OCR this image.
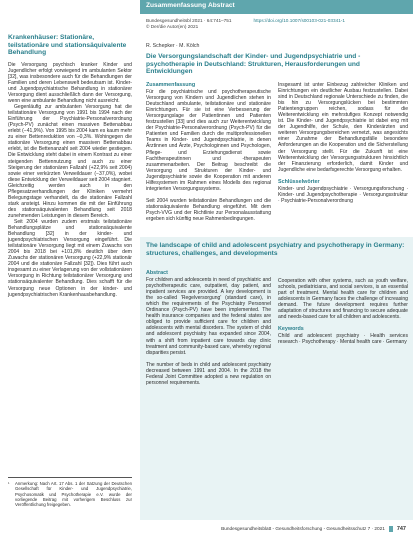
Krankenhäuser: Stationäre, teilstationäre und stationsäquivalente Behandlung

Die Versorgung psychisch kranker Kinder und Jugendlicher erfolgt vorwiegend im ambulanten Sektor [32], was insbesondere auch für die Behandlungen der Familien und deren Lebenswelt bedeutsam ist. Kinder- und Jugendpsychiatrische Behandlung in stationärer Versorgung dient ausschließlich dann der Versorgung, wenn eine ambulante Behandlung nicht ausreicht.

Gegenläufig zur ambulanten Versorgung hat die teilstationäre Versorgung von 1991 bis 1994 nach der Einführung der Psychiatrie-Personalverordnung (Psych-PV) zunächst einen massiven Bettenabbau erlebt (−41,9%). Von 1995 bis 2004 kam es kaum mehr zu einer Bettenreduktion von –0,3%. Wohingegen die stationäre Versorgung einen massiven Bettenabbau erlebt, ist die Bettenanzahl seit 2004 wieder gestiegen. Die Entwicklung steht dabei in einem Kontrast zu einer steigenden Bettennutzung und auch zu einer Steigerung der stationären Fallzahl (+22,9% seit 2004) sowie einer verkürzten Verweildauer (−37,0%), wobei diese Entwicklung der Verweildauer seit 2004 stagniert. Gleichzeitig werden auch in den Pflegesatzverhandlungen der Kliniken vermehrt Belegungstage verhandelt, da die stationäre Fallzahl stark ansteigt. Hinzu kommen die mit der Einführung des stationsäquivalenten Behandlung seit 2018 zunehmenden Leistungen in diesem Bereich.

Seit 2004 wurden zudem erstmals teilstationäre Behandlungsplätze und stationsäquivalente Behandlung [32] in der kinder- und jugendpsychiatrischen Versorgung eingeführt. Die teilstationäre Versorgung liegt mit einem Zuwachs von 2004 bis 2018 bei +101,8% deutlich über dem Zuwachs der stationären Versorgung (+22,9% stationär 2004 und die stationäre Fallzahl [32]). Dies führt auch insgesamt zu einer Verlagerung von der vollstationären Versorgung in Richtung teilstationärer Versorgung und stationsäquivalenter Behandlung. Dies schafft für die Versorgung neue Optionen in der kinder- und jugendpsychiatrischen Krankenhausbehandlung.

¹	Anmerkung: Nach Art. 17 Abs. 1 der Satzung der Deutschen Gesellschaft für Kinder- und Jugendpsychiatrie, Psychosomatik und Psychotherapie e.V. wurde der vorliegende Beitrag mit vorherigem Beschluss zur Veröffentlichung freigegeben.
Zusammenfassung Abstract
Bundesgesundheitsbl 2021 · 64:741–751	https://doi.org/10.1007/s00103-021-03341-1
© Der/die Autor(en) 2021
R. Schepker · M. Kölch
Die Versorgungslandschaft der Kinder- und Jugendpsychiatrie und -psychotherapie in Deutschland: Strukturen, Herausforderungen und Entwicklungen
Zusammenfassung

Für die psychiatrische und psychotherapeutische Versorgung von Kindern und Jugendlichen stehen in Deutschland ambulante, teilstationäre und stationäre Einrichtungen. Für sie ist eine Verbesserung der Versorgungslage der Patientinnen und Patienten festzustellen [33] und dies auch zur Weiterentwicklung der Psychiatrie-Personalverordnung (Psych-PV) für die Patienten und Familien durch die multiprofessionellen Teams in Kinder- und Jugendpsychiatrie, in denen Ärztinnen und Ärzte, Psychologinnen und Psychologen, Pflege- und Erziehungsdienst sowie Fachtherapeutinnen und -therapeuten zusammenarbeiten. Der Beitrag beschreibt die Versorgung und Strukturen der Kinder- und Jugendpsychiatrie sowie die Kooperation mit anderen Hilfesystemen im Rahmen eines Modells des regional integrierten Versorgungssystems.

Seit 2004 wurden teilstationäre Behandlungen und die stationsäquivalente Behandlung eingeführt. Mit dem Psych-VVG und der Richtlinie zur Personalausstattung ergeben sich künftig neue Rahmenbedingungen.

Insgesamt ist unter Einbezug zahlreicher Kliniken und Einrichtungen ein deutlicher Ausbau festzustellen. Dabei sind in Deutschland regionale Unterschiede zu finden, die bis hin zu Versorgungslücken bei bestimmten Patientengruppen reichen, sodass für die Weiterentwicklung ein mehrstufiges Konzept notwendig ist. Die Kinder- und Jugendpsychiatrie ist dabei eng mit der Jugendhilfe, der Schule, den Kinderärzten und weiteren Versorgungsbereichen vernetzt, was angesichts einer Zunahme der Behandlungsfälle besondere Anforderungen an die Kooperation und die Sicherstellung der Versorgung stellt. Für die Zukunft ist eine Weiterentwicklung der Versorgungsstrukturen hinsichtlich der Finanzierung erforderlich, damit Kinder und Jugendliche eine bedarfsgerechte Versorgung erhalten.

Schlüsselwörter

Kinder- und Jugendpsychiatrie · Versorgungsforschung · Kinder- und Jugendpsychotherapie · Versorgungsstruktur · Psychiatrie-Personalverordnung

The landscape of child and adolescent psychiatry and psychotherapy in Germany: structures, challenges, and developments
Abstract

For children and adolescents in need of psychiatric and psychotherapeutic care, outpatient, day patient, and inpatient services are provided. A key development is the so-called 'Regelversorgung' (standard care), in which the requirements of the Psychiatry Personnel Ordinance (Psych-PV) have been implemented. The health insurance companies and the federal states are obliged to provide sufficient care for children and adolescents with mental disorders. The system of child and adolescent psychiatry has expanded since 2004, with a shift from inpatient care towards day clinic treatment and community-based care, whereby regional disparities persist.

The number of beds in child and adolescent psychiatry decreased between 1991 and 2004. In the 2018 the Federal Joint Committee adopted a new regulation on personnel requirements.

Cooperation with other systems, such as youth welfare, schools, pediatricians, and social services, is an essential part of treatment. Mental health care for children and adolescents in Germany faces the challenge of increasing demand. The future development requires further adaptation of structures and financing to secure adequate and needs-based care for all children and adolescents.

Keywords

Child and adolescent psychiatry · Health services research · Psychotherapy · Mental health care · Germany

Bundesgesundheitsblatt - Gesundheitsforschung - Gesundheitsschutz 7 · 2021 747
